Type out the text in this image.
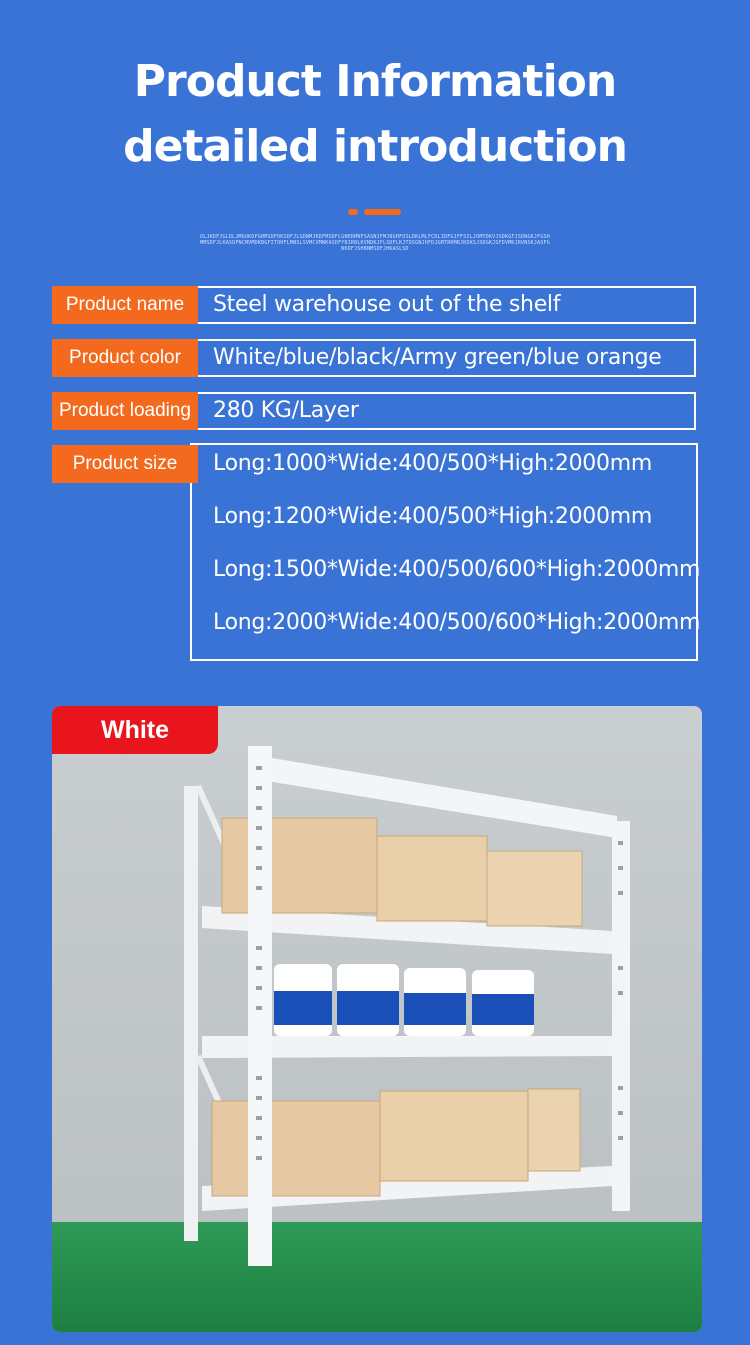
Product Information
detailed introduction
OLJKDFJGLDLJMGOKDFGHMSDFDKSDFJLSDNMJKDFMSDFLGNERMNFSASNJFMJ8GHFOSLDKLMLFCDLIDFGJFFSILJOMTDKVJSDKGFJSDNGKJFGSHMMSDFJLKASDFNCMVMDKBGFITOHFLMNSLSVMCVMNKASDFYBIRBLKVNDKJFLSDFLKJTDSGNJHFDJGMTRHMRJKDKSJSDGKJSFDVMKJRVNSKJASFGNKDFJSHBNMSDFJHKASLSD
Product name	Steel warehouse out of the shelf
Product color	White/blue/black/Army green/blue orange
Product loading 280 KG/Layer
Product size	Long:1000*Wide:400/500*High:2000mm
Long:1200*Wide:400/500*High:2000mm
Long:1500*Wide:400/500/600*High:2000mm
Long:2000*Wide:400/500/600*High:2000mm
White
